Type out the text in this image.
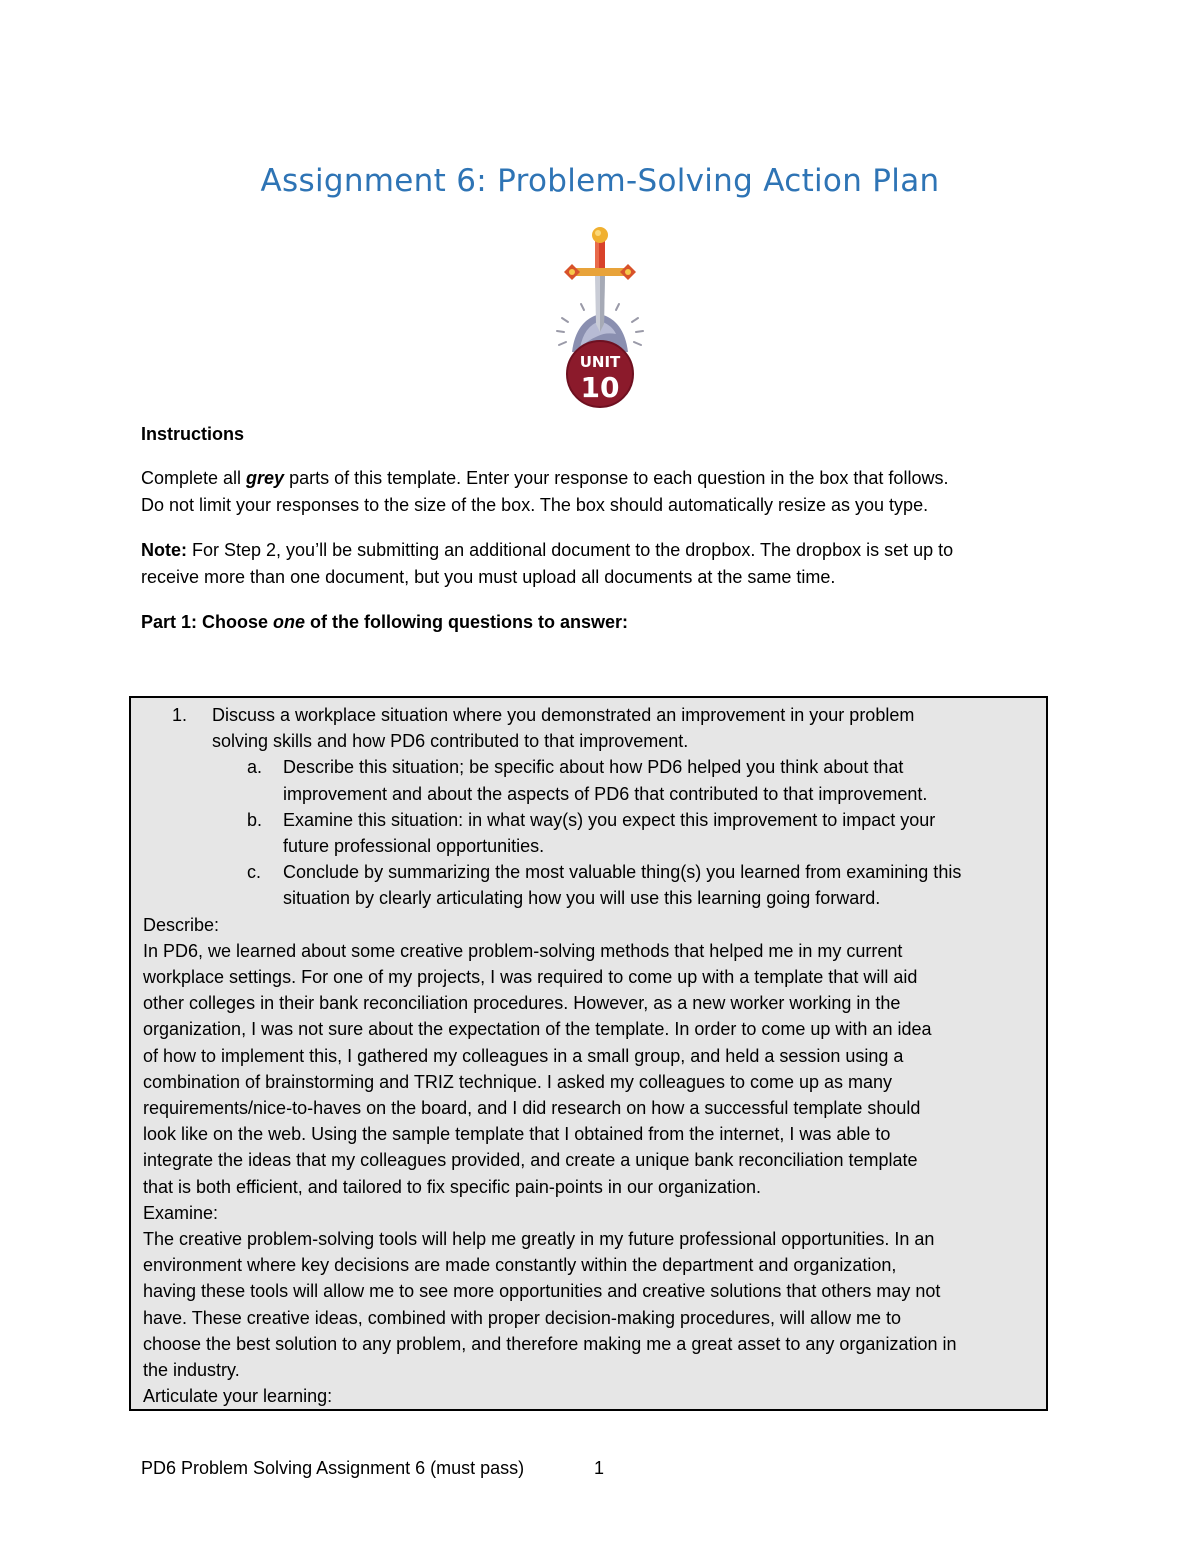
Assignment 6: Problem-Solving Action Plan
UNIT
10
Instructions
Complete all grey parts of this template. Enter your response to each question in the box that follows.
Do not limit your responses to the size of the box. The box should automatically resize as you type.
Note: For Step 2, you’ll be submitting an additional document to the dropbox. The dropbox is set up to
receive more than one document, but you must upload all documents at the same time.
Part 1: Choose one of the following questions to answer:
1. Discuss a workplace situation where you demonstrated an improvement in your problem
solving skills and how PD6 contributed to that improvement.
a. Describe this situation; be specific about how PD6 helped you think about that
improvement and about the aspects of PD6 that contributed to that improvement.
b. Examine this situation: in what way(s) you expect this improvement to impact your
future professional opportunities.
c. Conclude by summarizing the most valuable thing(s) you learned from examining this
situation by clearly articulating how you will use this learning going forward.
Describe:
In PD6, we learned about some creative problem-solving methods that helped me in my current
workplace settings. For one of my projects, I was required to come up with a template that will aid
other colleges in their bank reconciliation procedures. However, as a new worker working in the
organization, I was not sure about the expectation of the template. In order to come up with an idea
of how to implement this, I gathered my colleagues in a small group, and held a session using a
combination of brainstorming and TRIZ technique. I asked my colleagues to come up as many
requirements/nice-to-haves on the board, and I did research on how a successful template should
look like on the web. Using the sample template that I obtained from the internet, I was able to
integrate the ideas that my colleagues provided, and create a unique bank reconciliation template
that is both efficient, and tailored to fix specific pain-points in our organization.
Examine:
The creative problem-solving tools will help me greatly in my future professional opportunities. In an
environment where key decisions are made constantly within the department and organization,
having these tools will allow me to see more opportunities and creative solutions that others may not
have. These creative ideas, combined with proper decision-making procedures, will allow me to
choose the best solution to any problem, and therefore making me a great asset to any organization in
the industry.
Articulate your learning:
PD6 Problem Solving Assignment 6 (must pass)	1
